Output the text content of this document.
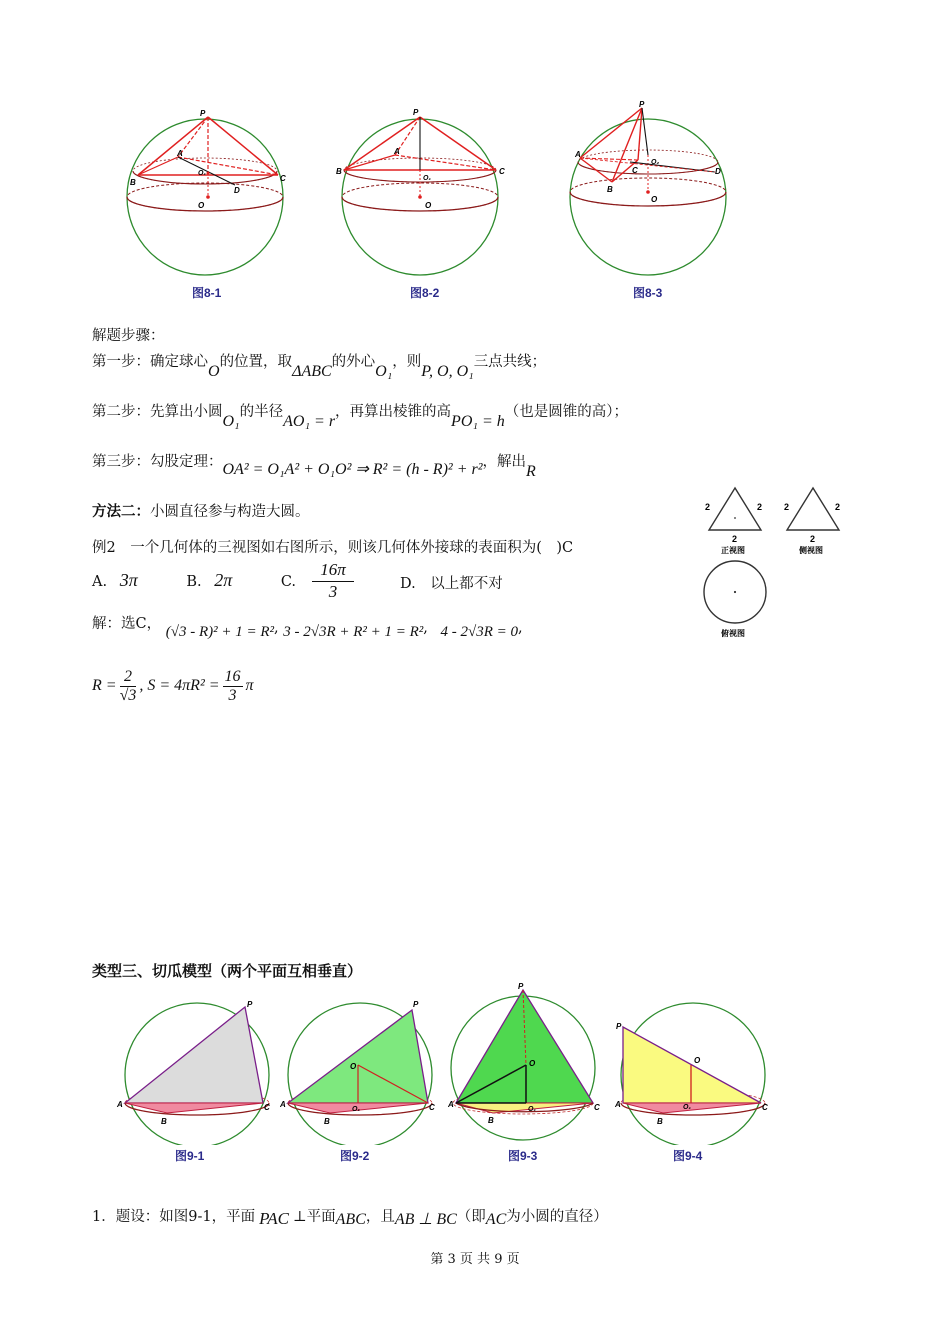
P
A
B	C
D
O₁
O
图8-1
P
A
B	C
O₁
O
图8-2
P
A
B
C	D
O₂
O
图8-3
解题步骤：
第一步：确定球心O的位置，取ΔABC的外心O₁，则P, O, O₁三点共线；
第二步：先算出小圆O₁的半径AO₁ = r，再算出棱锥的高PO₁ = h（也是圆锥的高）；
第三步：勾股定理：OA² = O₁A² + O₁O² ⇒ R² = (h - R)² + r²，解出R
方法二：小圆直径参与构造大圆。
例2　一个几何体的三视图如右图所示，则该几何体外接球的表面积为(　)C
A. 3π	B. 2π	C.
16π
3	D.　以上都不对
解：选C， (√3 - R)² + 1 = R², 3 - 2√3R + R² + 1 = R², 4 - 2√3R = 0,
$R = \frac{2}{√3}$ , $S = 4\pi R^2 = \frac{16}{3}$ π
2	2
2
正视图
2	2
2
侧视图
俯视图
类型三、切瓜模型（两个平面互相垂直）
P
A
B
C
图9-1
P
O
A
B
C
O₁
图9-2
P
O
A
B
C
O₁
图9-3
P
O
A
B
C
O₁
图9-4
1．题设：如图9-1，平面 PAC ⊥平面ABC，且AB ⊥ BC（即AC为小圆的直径）
第 3 页 共 9 页
